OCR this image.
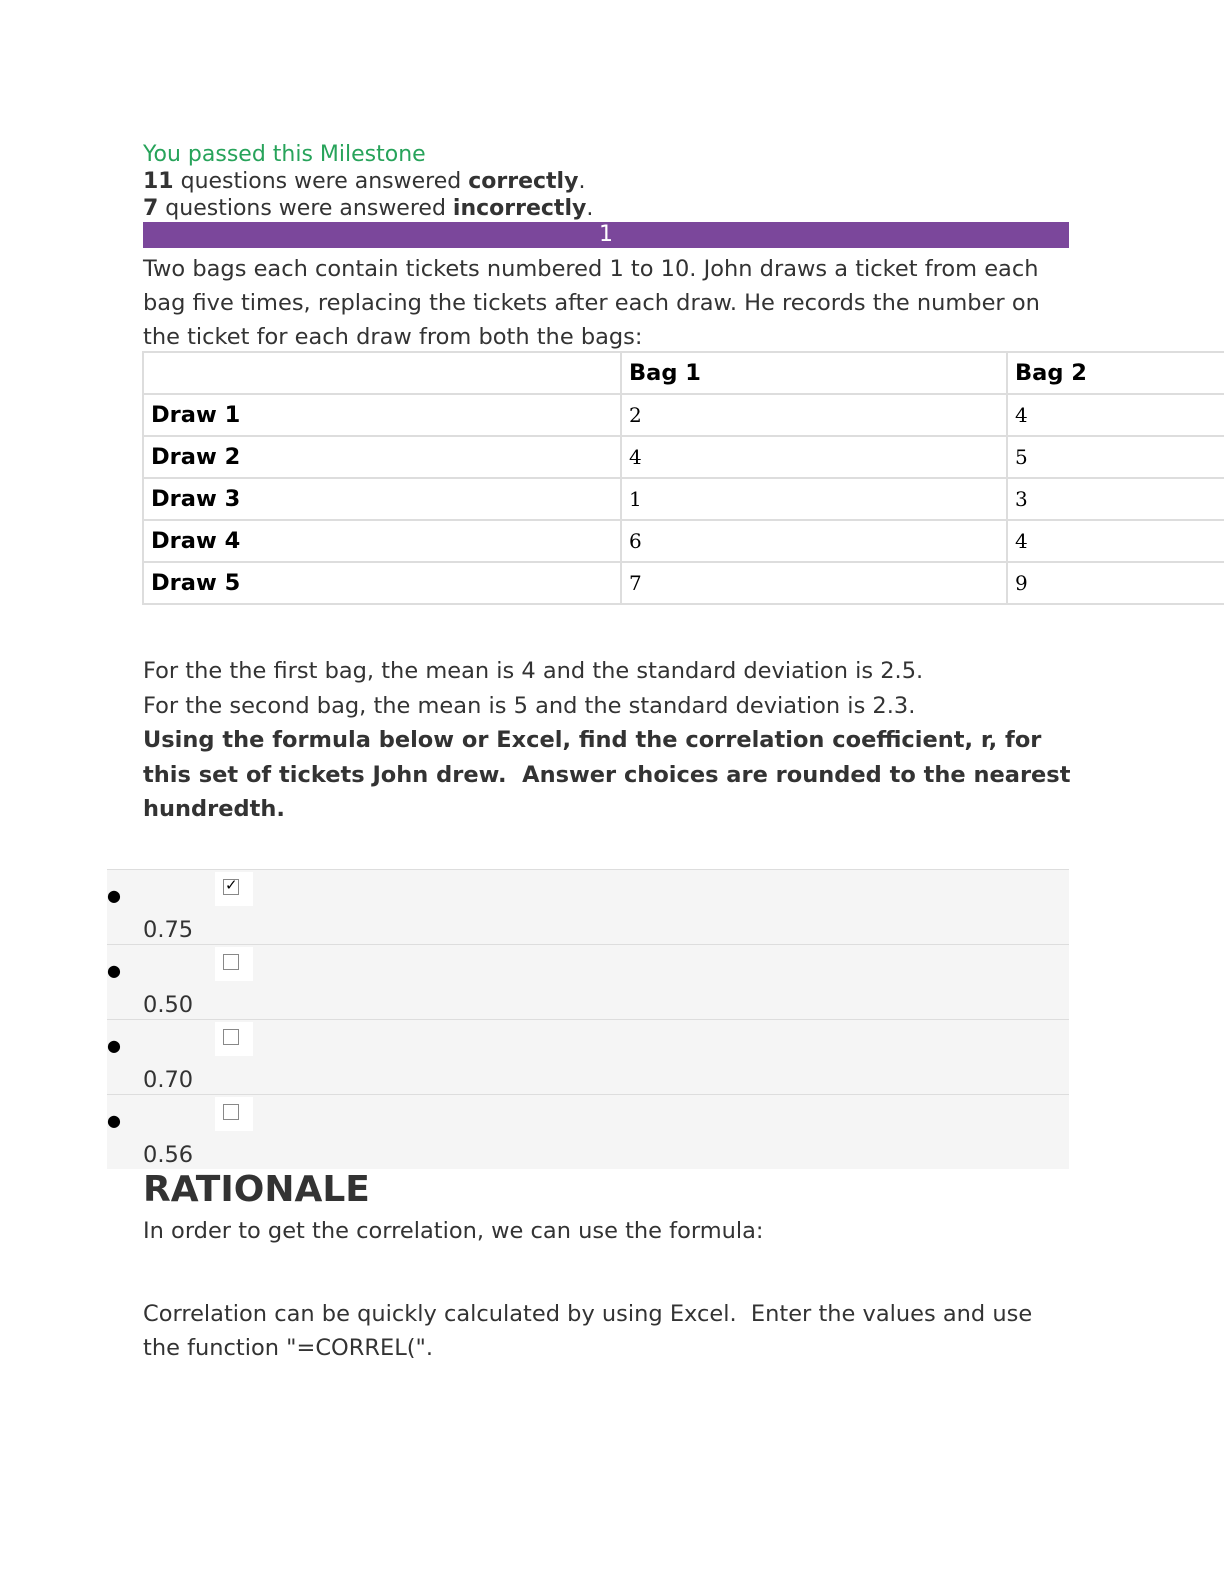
You passed this Milestone
11 questions were answered correctly.
7 questions were answered incorrectly.
1
Two bags each contain tickets numbered 1 to 10. John draws a ticket from each bag five times, replacing the tickets after each draw. He records the number on the ticket for each draw from both the bags:
	Bag 1	Bag 2
Draw 1	2	4
Draw 2	4	5
Draw 3	1	3
Draw 4	6	4
Draw 5	7	9
For the the first bag, the mean is 4 and the standard deviation is 2.5.
For the second bag, the mean is 5 and the standard deviation is 2.3.
Using the formula below or Excel, find the correlation coefficient, r, for this set of tickets John drew.  Answer choices are rounded to the nearest hundredth.
●
✓
0.75
●
0.50
●
0.70
●
0.56
RATIONALE
In order to get the correlation, we can use the formula:
Correlation can be quickly calculated by using Excel.  Enter the values and use the function "=CORREL(".
